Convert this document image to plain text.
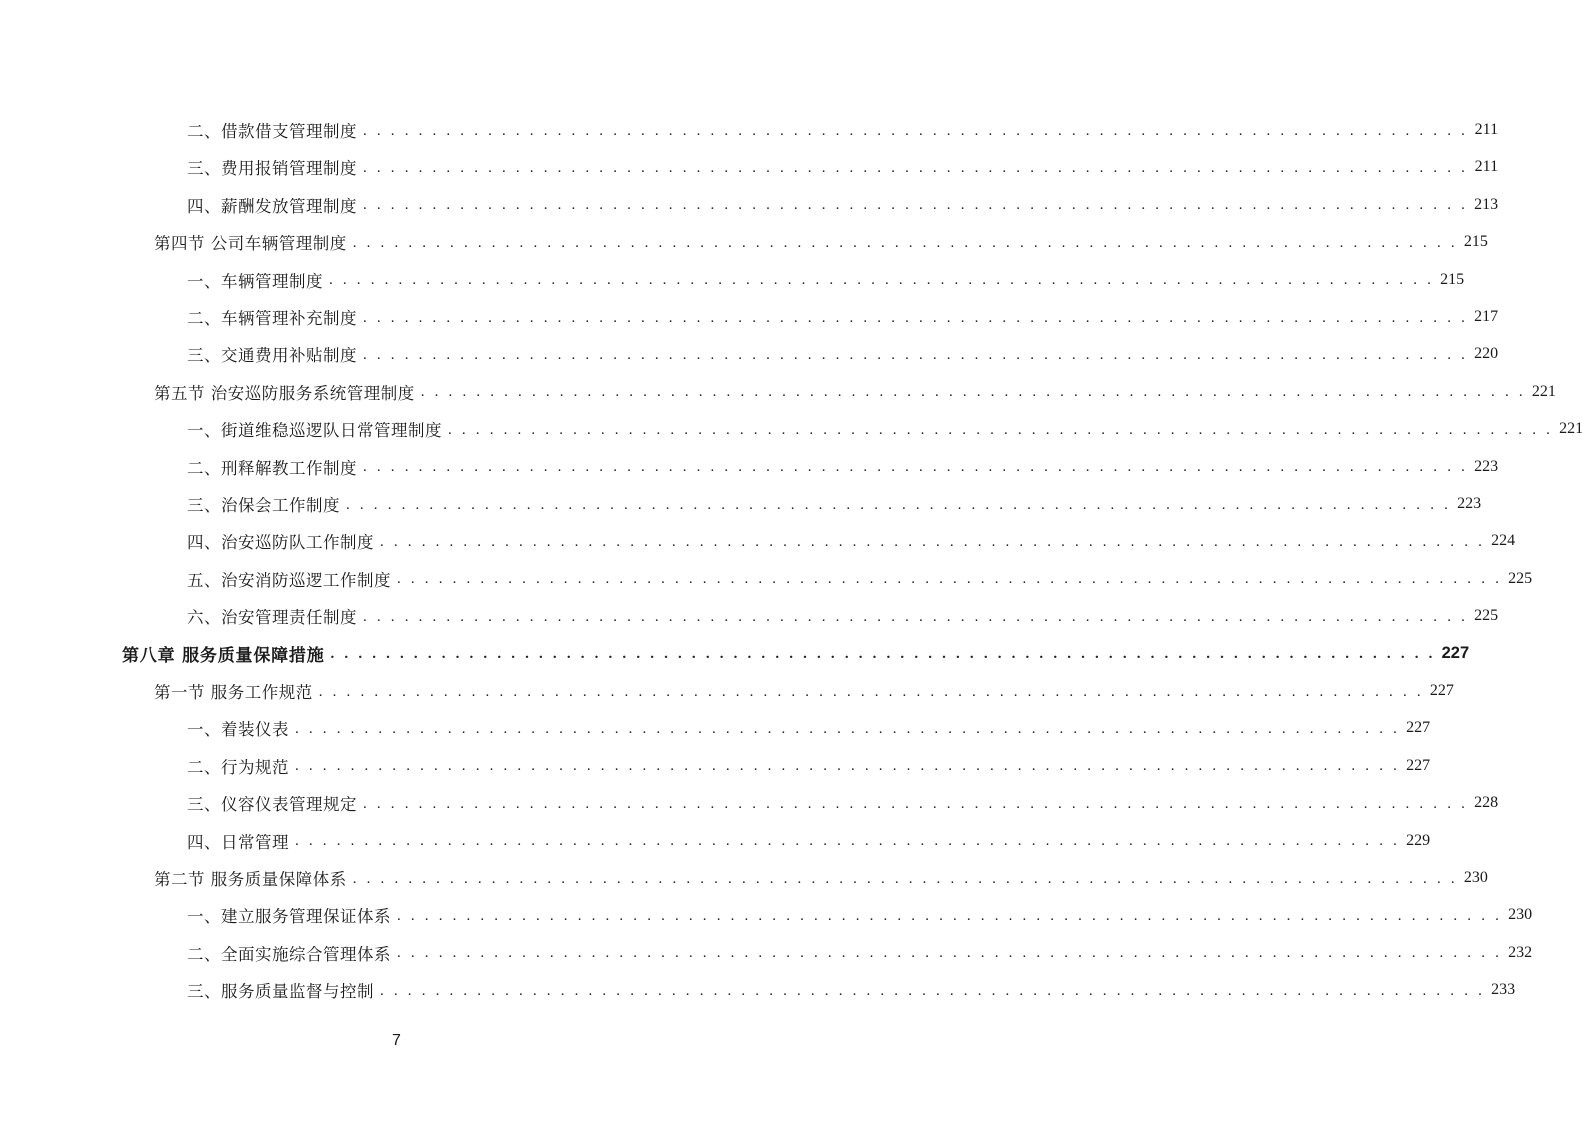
二、借款借支管理制度 . . . . . . . . . . . . . . . . . . . . . . . . . . . . . . . . . . . . . . . . . . . . . . . . . . . . . . . . . . . . . . . . . . . . . . . . . . . . . . . . 211
三、费用报销管理制度 . . . . . . . . . . . . . . . . . . . . . . . . . . . . . . . . . . . . . . . . . . . . . . . . . . . . . . . . . . . . . . . . . . . . . . . . . . . . . . . . 211
四、薪酬发放管理制度 . . . . . . . . . . . . . . . . . . . . . . . . . . . . . . . . . . . . . . . . . . . . . . . . . . . . . . . . . . . . . . . . . . . . . . . . . . . . . . . . 213
第四节 公司车辆管理制度 . . . . . . . . . . . . . . . . . . . . . . . . . . . . . . . . . . . . . . . . . . . . . . . . . . . . . . . . . . . . . . . . . . . . . . . . . . . . . . . . 215
一、车辆管理制度 . . . . . . . . . . . . . . . . . . . . . . . . . . . . . . . . . . . . . . . . . . . . . . . . . . . . . . . . . . . . . . . . . . . . . . . . . . . . . . . . 215
二、车辆管理补充制度 . . . . . . . . . . . . . . . . . . . . . . . . . . . . . . . . . . . . . . . . . . . . . . . . . . . . . . . . . . . . . . . . . . . . . . . . . . . . . . . . 217
三、交通费用补贴制度 . . . . . . . . . . . . . . . . . . . . . . . . . . . . . . . . . . . . . . . . . . . . . . . . . . . . . . . . . . . . . . . . . . . . . . . . . . . . . . . . 220
第五节 治安巡防服务系统管理制度 . . . . . . . . . . . . . . . . . . . . . . . . . . . . . . . . . . . . . . . . . . . . . . . . . . . . . . . . . . . . . . . . . . . . . . . . . . . . . . . . 221
一、街道维稳巡逻队日常管理制度 . . . . . . . . . . . . . . . . . . . . . . . . . . . . . . . . . . . . . . . . . . . . . . . . . . . . . . . . . . . . . . . . . . . . . . . . . . . . . . . . 221
二、刑释解教工作制度 . . . . . . . . . . . . . . . . . . . . . . . . . . . . . . . . . . . . . . . . . . . . . . . . . . . . . . . . . . . . . . . . . . . . . . . . . . . . . . . . 223
三、治保会工作制度 . . . . . . . . . . . . . . . . . . . . . . . . . . . . . . . . . . . . . . . . . . . . . . . . . . . . . . . . . . . . . . . . . . . . . . . . . . . . . . . . 223
四、治安巡防队工作制度 . . . . . . . . . . . . . . . . . . . . . . . . . . . . . . . . . . . . . . . . . . . . . . . . . . . . . . . . . . . . . . . . . . . . . . . . . . . . . . . . 224
五、治安消防巡逻工作制度 . . . . . . . . . . . . . . . . . . . . . . . . . . . . . . . . . . . . . . . . . . . . . . . . . . . . . . . . . . . . . . . . . . . . . . . . . . . . . . . . 225
六、治安管理责任制度 . . . . . . . . . . . . . . . . . . . . . . . . . . . . . . . . . . . . . . . . . . . . . . . . . . . . . . . . . . . . . . . . . . . . . . . . . . . . . . . . 225
第八章 服务质量保障措施 . . . . . . . . . . . . . . . . . . . . . . . . . . . . . . . . . . . . . . . . . . . . . . . . . . . . . . . . . . . . . . . . . . . . . . . . . . . . . . . . 227
第一节 服务工作规范 . . . . . . . . . . . . . . . . . . . . . . . . . . . . . . . . . . . . . . . . . . . . . . . . . . . . . . . . . . . . . . . . . . . . . . . . . . . . . . . . 227
一、着装仪表 . . . . . . . . . . . . . . . . . . . . . . . . . . . . . . . . . . . . . . . . . . . . . . . . . . . . . . . . . . . . . . . . . . . . . . . . . . . . . . . . 227
二、行为规范 . . . . . . . . . . . . . . . . . . . . . . . . . . . . . . . . . . . . . . . . . . . . . . . . . . . . . . . . . . . . . . . . . . . . . . . . . . . . . . . . 227
三、仪容仪表管理规定 . . . . . . . . . . . . . . . . . . . . . . . . . . . . . . . . . . . . . . . . . . . . . . . . . . . . . . . . . . . . . . . . . . . . . . . . . . . . . . . . 228
四、日常管理 . . . . . . . . . . . . . . . . . . . . . . . . . . . . . . . . . . . . . . . . . . . . . . . . . . . . . . . . . . . . . . . . . . . . . . . . . . . . . . . . 229
第二节 服务质量保障体系 . . . . . . . . . . . . . . . . . . . . . . . . . . . . . . . . . . . . . . . . . . . . . . . . . . . . . . . . . . . . . . . . . . . . . . . . . . . . . . . . 230
一、建立服务管理保证体系 . . . . . . . . . . . . . . . . . . . . . . . . . . . . . . . . . . . . . . . . . . . . . . . . . . . . . . . . . . . . . . . . . . . . . . . . . . . . . . . . 230
二、全面实施综合管理体系 . . . . . . . . . . . . . . . . . . . . . . . . . . . . . . . . . . . . . . . . . . . . . . . . . . . . . . . . . . . . . . . . . . . . . . . . . . . . . . . . 232
三、服务质量监督与控制 . . . . . . . . . . . . . . . . . . . . . . . . . . . . . . . . . . . . . . . . . . . . . . . . . . . . . . . . . . . . . . . . . . . . . . . . . . . . . . . . 233
7
